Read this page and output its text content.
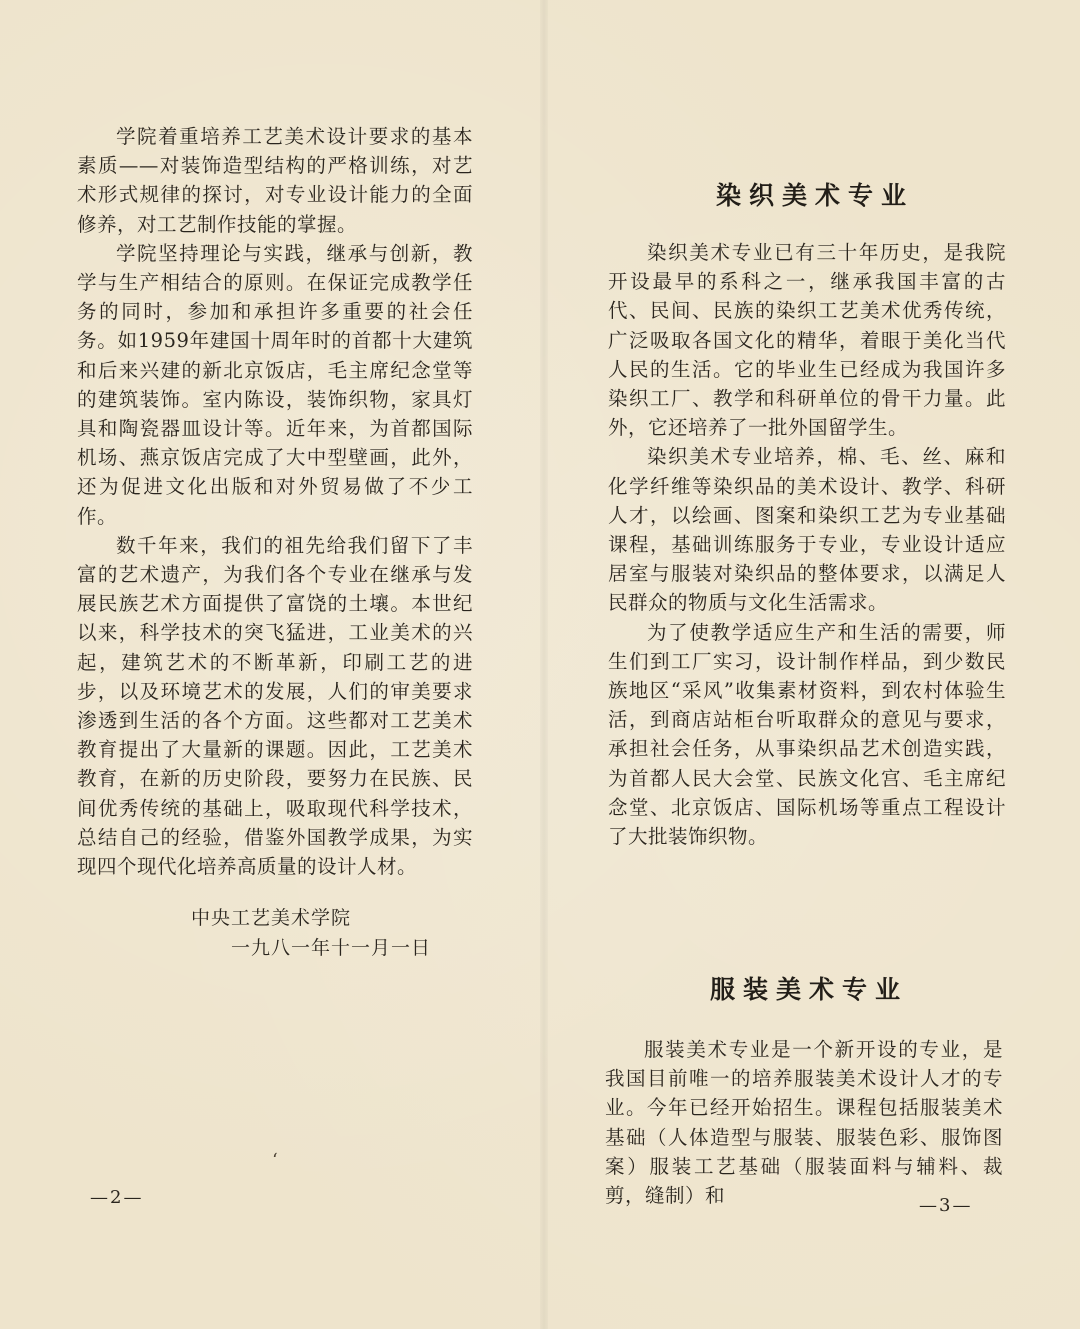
学院着重培养工艺美术设计要求的基本素质——对装饰造型结构的严格训练，对艺术形式规律的探讨，对专业设计能力的全面修养，对工艺制作技能的掌握。

学院坚持理论与实践，继承与创新，教学与生产相结合的原则。在保证完成教学任务的同时，参加和承担许多重要的社会任务。如1959年建国十周年时的首都十大建筑和后来兴建的新北京饭店，毛主席纪念堂等的建筑装饰。室内陈设，装饰织物，家具灯具和陶瓷器皿设计等。近年来，为首都国际机场、燕京饭店完成了大中型壁画，此外，还为促进文化出版和对外贸易做了不少工作。

数千年来，我们的祖先给我们留下了丰富的艺术遗产，为我们各个专业在继承与发展民族艺术方面提供了富饶的土壤。本世纪以来，科学技术的突飞猛进，工业美术的兴起，建筑艺术的不断革新，印刷工艺的进步，以及环境艺术的发展，人们的审美要求渗透到生活的各个方面。这些都对工艺美术教育提出了大量新的课题。因此，工艺美术教育，在新的历史阶段，要努力在民族、民间优秀传统的基础上，吸取现代科学技术，总结自己的经验，借鉴外国教学成果，为实现四个现代化培养高质量的设计人材。

中央工艺美术学院
一九八一年十一月一日
‘
—2—
染织美术专业

染织美术专业已有三十年历史，是我院开设最早的系科之一，继承我国丰富的古代、民间、民族的染织工艺美术优秀传统，广泛吸取各国文化的精华，着眼于美化当代人民的生活。它的毕业生已经成为我国许多染织工厂、教学和科研单位的骨干力量。此外，它还培养了一批外国留学生。

染织美术专业培养，棉、毛、丝、麻和化学纤维等染织品的美术设计、教学、科研人才，以绘画、图案和染织工艺为专业基础课程，基础训练服务于专业，专业设计适应居室与服装对染织品的整体要求，以满足人民群众的物质与文化生活需求。

为了使教学适应生产和生活的需要，师生们到工厂实习，设计制作样品，到少数民族地区“采风”收集素材资料，到农村体验生活，到商店站柜台听取群众的意见与要求，承担社会任务，从事染织品艺术创造实践，为首都人民大会堂、民族文化宫、毛主席纪念堂、北京饭店、国际机场等重点工程设计了大批装饰织物。

服装美术专业

服装美术专业是一个新开设的专业，是我国目前唯一的培养服装美术设计人才的专业。今年已经开始招生。课程包括服装美术基础（人体造型与服装、服装色彩、服饰图案）服装工艺基础（服装面料与辅料、裁剪，缝制）和	—3—
